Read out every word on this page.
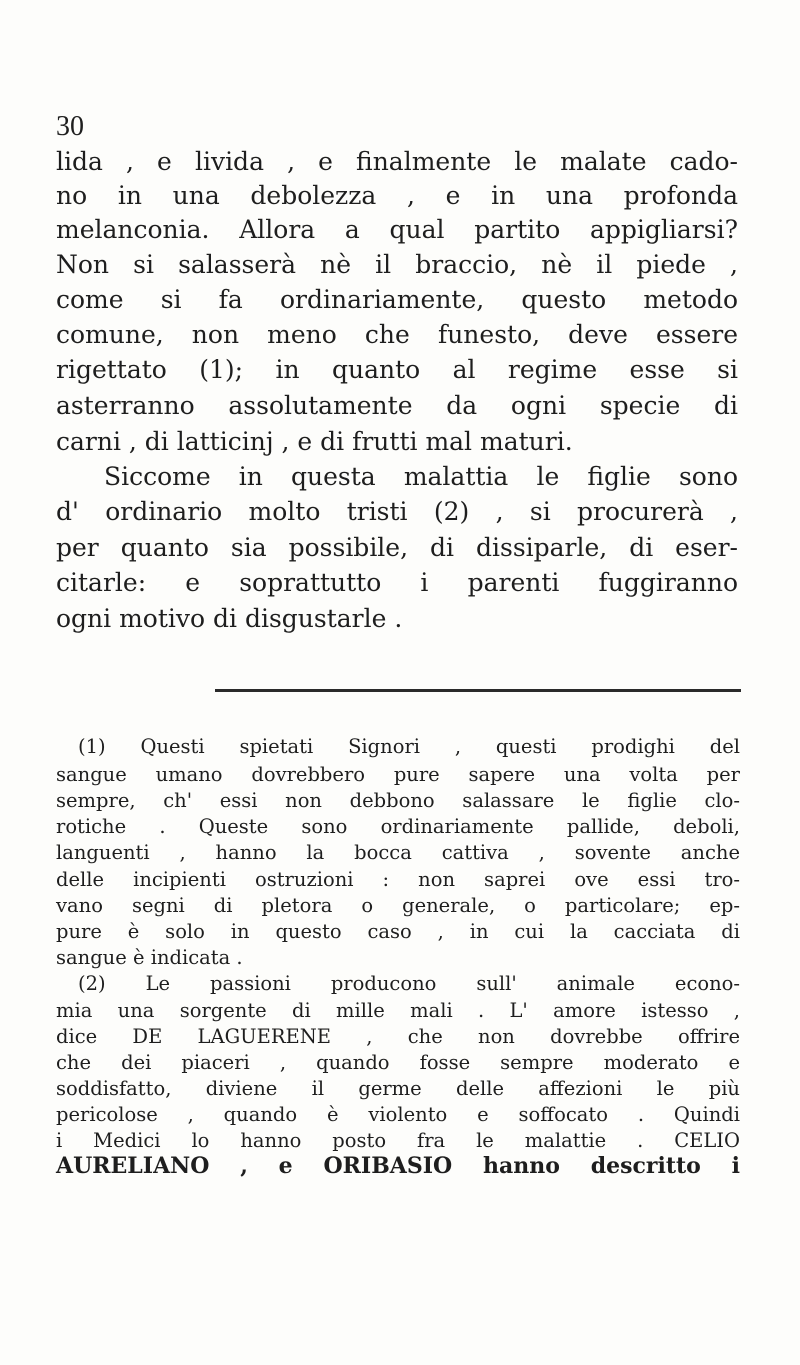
30
lida , e livida , e finalmente le malate cado-
no in una debolezza , e in una profonda
melanconia. Allora a qual partito appigliarsi?
Non si salasserà nè il braccio, nè il piede ,
come si fa ordinariamente, questo metodo
comune, non meno che funesto, deve essere
rigettato (1); in quanto al regime esse si
asterranno assolutamente da ogni specie di
carni , di latticinj , e di frutti mal maturi.
Siccome in questa malattia le figlie sono
d' ordinario molto tristi (2) , si procurerà ,
per quanto sia possibile, di dissiparle, di eser-
citarle: e soprattutto i parenti fuggiranno
ogni motivo di disgustarle .
(1) Questi spietati Signori , questi prodighi del
sangue umano dovrebbero pure sapere una volta per
sempre, ch' essi non debbono salassare le figlie clo-
rotiche . Queste sono ordinariamente pallide, deboli,
languenti , hanno la bocca cattiva , sovente anche
delle incipienti ostruzioni : non saprei ove essi tro-
vano segni di pletora o generale, o particolare; ep-
pure è solo in questo caso , in cui la cacciata di
sangue è indicata .
(2) Le passioni producono sull' animale econo-
mia una sorgente di mille mali . L' amore istesso ,
dice DE LAGUERENE , che non dovrebbe offrire
che dei piaceri , quando fosse sempre moderato e
soddisfatto, diviene il germe delle affezioni le più
pericolose , quando è violento e soffocato . Quindi
i Medici lo hanno posto fra le malattie . CELIO
AURELIANO , e ORIBASIO hanno descritto i
